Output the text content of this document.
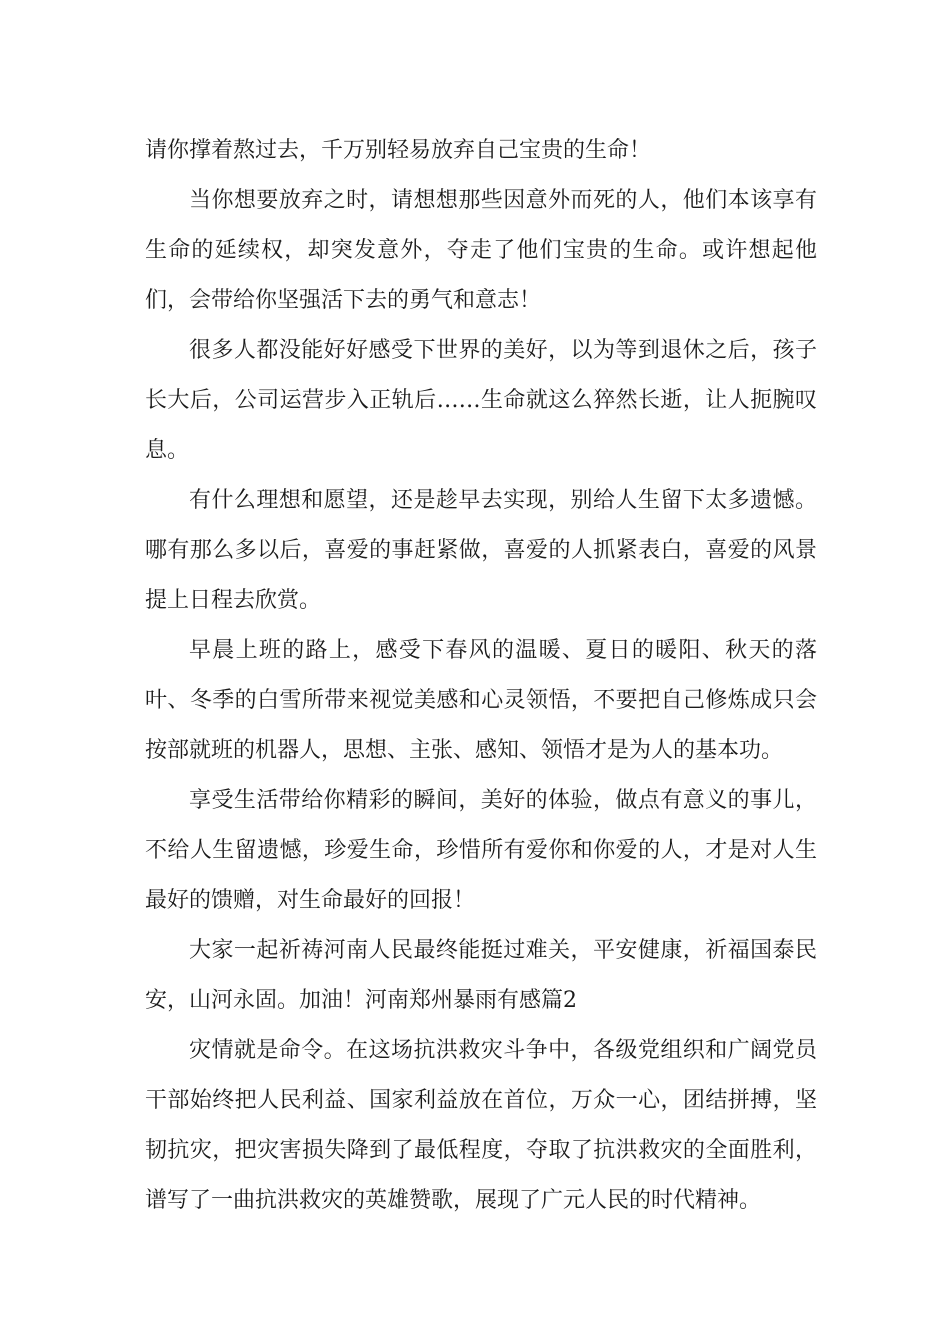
请你撑着熬过去，千万别轻易放弃自己宝贵的生命！

当你想要放弃之时，请想想那些因意外而死的人，他们本该享有生命的延续权，却突发意外，夺走了他们宝贵的生命。或许想起他们，会带给你坚强活下去的勇气和意志！

很多人都没能好好感受下世界的美好，以为等到退休之后，孩子长大后，公司运营步入正轨后……生命就这么猝然长逝，让人扼腕叹息。

有什么理想和愿望，还是趁早去实现，别给人生留下太多遗憾。哪有那么多以后，喜爱的事赶紧做，喜爱的人抓紧表白，喜爱的风景提上日程去欣赏。

早晨上班的路上，感受下春风的温暖、夏日的暖阳、秋天的落叶、冬季的白雪所带来视觉美感和心灵领悟，不要把自己修炼成只会按部就班的机器人，思想、主张、感知、领悟才是为人的基本功。

享受生活带给你精彩的瞬间，美好的体验，做点有意义的事儿，不给人生留遗憾，珍爱生命，珍惜所有爱你和你爱的人，才是对人生最好的馈赠，对生命最好的回报！

大家一起祈祷河南人民最终能挺过难关，平安健康，祈福国泰民安，山河永固。加油！河南郑州暴雨有感篇2

灾情就是命令。在这场抗洪救灾斗争中，各级党组织和广阔党员干部始终把人民利益、国家利益放在首位，万众一心，团结拼搏，坚韧抗灾，把灾害损失降到了最低程度，夺取了抗洪救灾的全面胜利，谱写了一曲抗洪救灾的英雄赞歌，展现了广元人民的时代精神。
